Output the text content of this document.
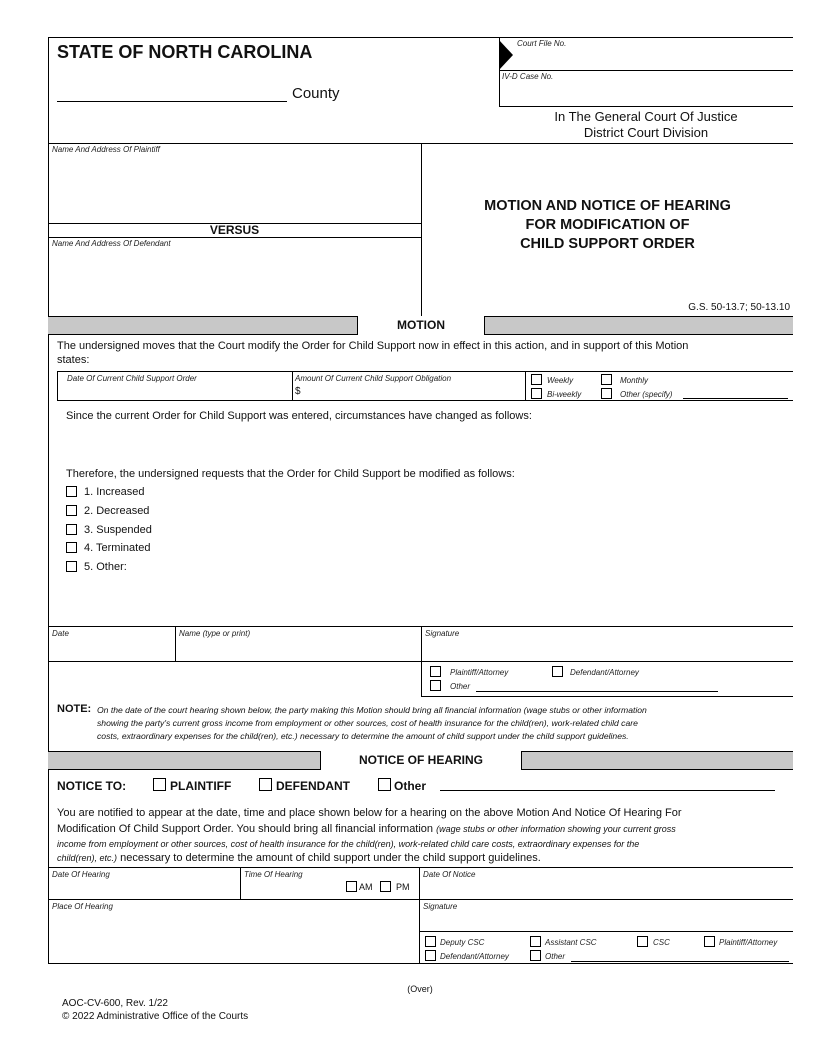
STATE OF NORTH CAROLINA
County
Court File No.
IV-D Case No.
In The General Court Of Justice
District Court Division
Name And Address Of Plaintiff
VERSUS
Name And Address Of Defendant
MOTION AND NOTICE OF HEARING
FOR MODIFICATION OF
CHILD SUPPORT ORDER
G.S. 50-13.7; 50-13.10
MOTION
The undersigned moves that the Court modify the Order for Child Support now in effect in this action, and in support of this Motion
states:
Date Of Current Child Support Order	Amount Of Current Child Support Obligation
$
Weekly	Monthly
Bi-weekly	Other (specify)
Since the current Order for Child Support was entered, circumstances have changed as follows:
Therefore, the undersigned requests that the Order for Child Support be modified as follows:
1. Increased
2. Decreased
3. Suspended
4. Terminated
5. Other:
Date	Name (type or print)	Signature
Plaintiff/Attorney	Defendant/Attorney
Other
NOTE: On the date of the court hearing shown below, the party making this Motion should bring all financial information (wage stubs or other information
showing the party's current gross income from employment or other sources, cost of health insurance for the child(ren), work-related child care
costs, extraordinary expenses for the child(ren), etc.) necessary to determine the amount of child support under the child support guidelines.
NOTICE OF HEARING
NOTICE TO:	PLAINTIFF	DEFENDANT	Other
You are notified to appear at the date, time and place shown below for a hearing on the above Motion And Notice Of Hearing For
Modification Of Child Support Order. You should bring all financial information (wage stubs or other information showing your current gross
income from employment or other sources, cost of health insurance for the child(ren), work-related child care costs, extraordinary expenses for the
child(ren), etc.) necessary to determine the amount of child support under the child support guidelines.
Date Of Hearing	Time Of Hearing
AM	PM
Date Of Notice
Place Of Hearing	Signature
Deputy CSC	Assistant CSC	CSC	Plaintiff/Attorney
Defendant/Attorney	Other
(Over)
AOC-CV-600, Rev. 1/22
© 2022 Administrative Office of the Courts
